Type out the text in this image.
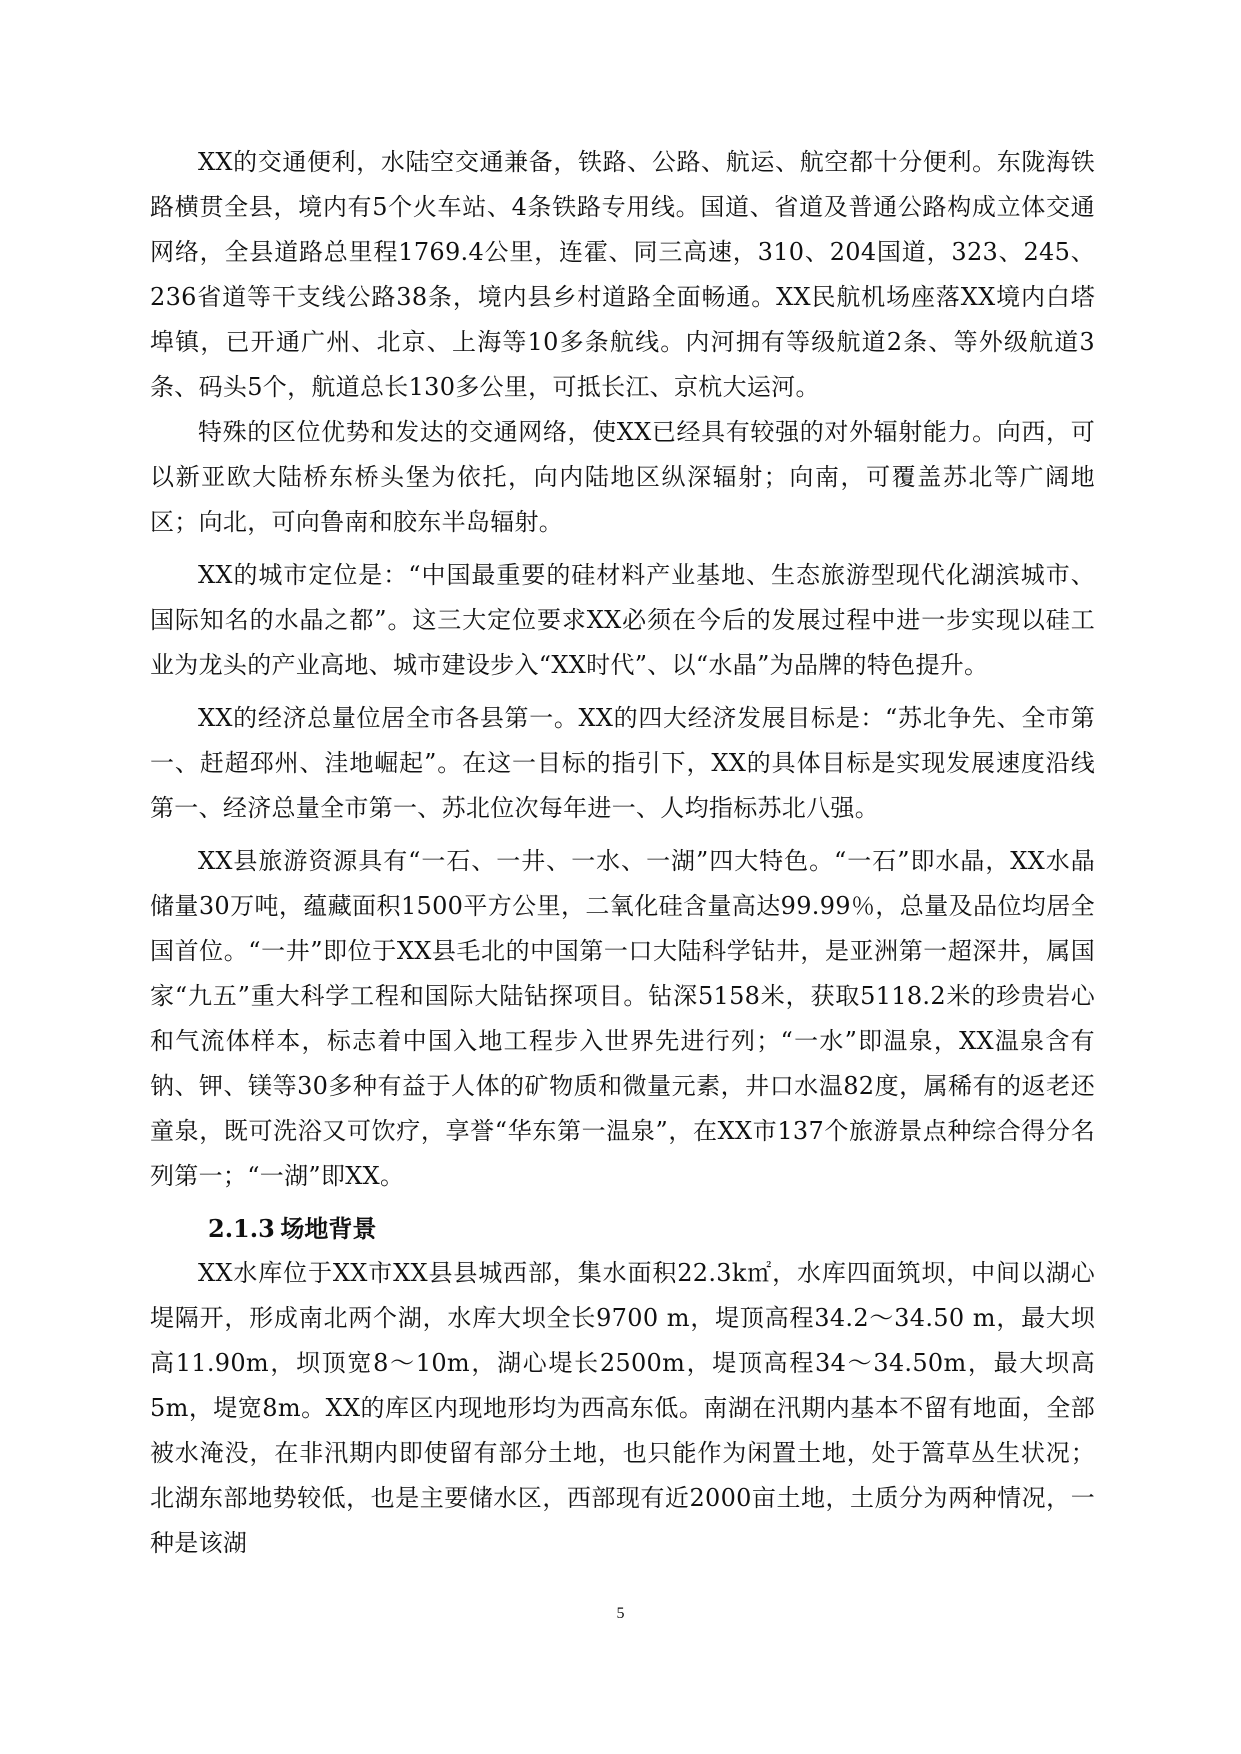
XX的交通便利，水陆空交通兼备，铁路、公路、航运、航空都十分便利。东陇海铁路横贯全县，境内有5个火车站、4条铁路专用线。国道、省道及普通公路构成立体交通网络，全县道路总里程1769.4公里，连霍、同三高速，310、204国道，323、245、236省道等干支线公路38条，境内县乡村道路全面畅通。XX民航机场座落XX境内白塔埠镇，已开通广州、北京、上海等10多条航线。内河拥有等级航道2条、等外级航道3条、码头5个，航道总长130多公里，可抵长江、京杭大运河。

特殊的区位优势和发达的交通网络，使XX已经具有较强的对外辐射能力。向西，可以新亚欧大陆桥东桥头堡为依托，向内陆地区纵深辐射；向南，可覆盖苏北等广阔地区；向北，可向鲁南和胶东半岛辐射。

XX的城市定位是：“中国最重要的硅材料产业基地、生态旅游型现代化湖滨城市、国际知名的水晶之都”。这三大定位要求XX必须在今后的发展过程中进一步实现以硅工业为龙头的产业高地、城市建设步入“XX时代”、以“水晶”为品牌的特色提升。

XX的经济总量位居全市各县第一。XX的四大经济发展目标是：“苏北争先、全市第一、赶超邳州、洼地崛起”。在这一目标的指引下，XX的具体目标是实现发展速度沿线第一、经济总量全市第一、苏北位次每年进一、人均指标苏北八强。

XX县旅游资源具有“一石、一井、一水、一湖”四大特色。“一石”即水晶，XX水晶储量30万吨，蕴藏面积1500平方公里，二氧化硅含量高达99.99％，总量及品位均居全国首位。“一井”即位于XX县毛北的中国第一口大陆科学钻井，是亚洲第一超深井，属国家“九五”重大科学工程和国际大陆钻探项目。钻深5158米，获取5118.2米的珍贵岩心和气流体样本，标志着中国入地工程步入世界先进行列；“一水”即温泉，XX温泉含有钠、钾、镁等30多种有益于人体的矿物质和微量元素，井口水温82度，属稀有的返老还童泉，既可洗浴又可饮疗，享誉“华东第一温泉”，在XX市137个旅游景点种综合得分名列第一；“一湖”即XX。

2.1.3 场地背景

XX水库位于XX市XX县县城西部，集水面积22.3k㎡，水库四面筑坝，中间以湖心堤隔开，形成南北两个湖，水库大坝全长9700 m，堤顶高程34.2～34.50 m，最大坝高11.90m，坝顶宽8～10m，湖心堤长2500m，堤顶高程34～34.50m，最大坝高5m，堤宽8m。XX的库区内现地形均为西高东低。南湖在汛期内基本不留有地面，全部被水淹没，在非汛期内即使留有部分土地，也只能作为闲置土地，处于篙草丛生状况；北湖东部地势较低，也是主要储水区，西部现有近2000亩土地，土质分为两种情况，一种是该湖

5
